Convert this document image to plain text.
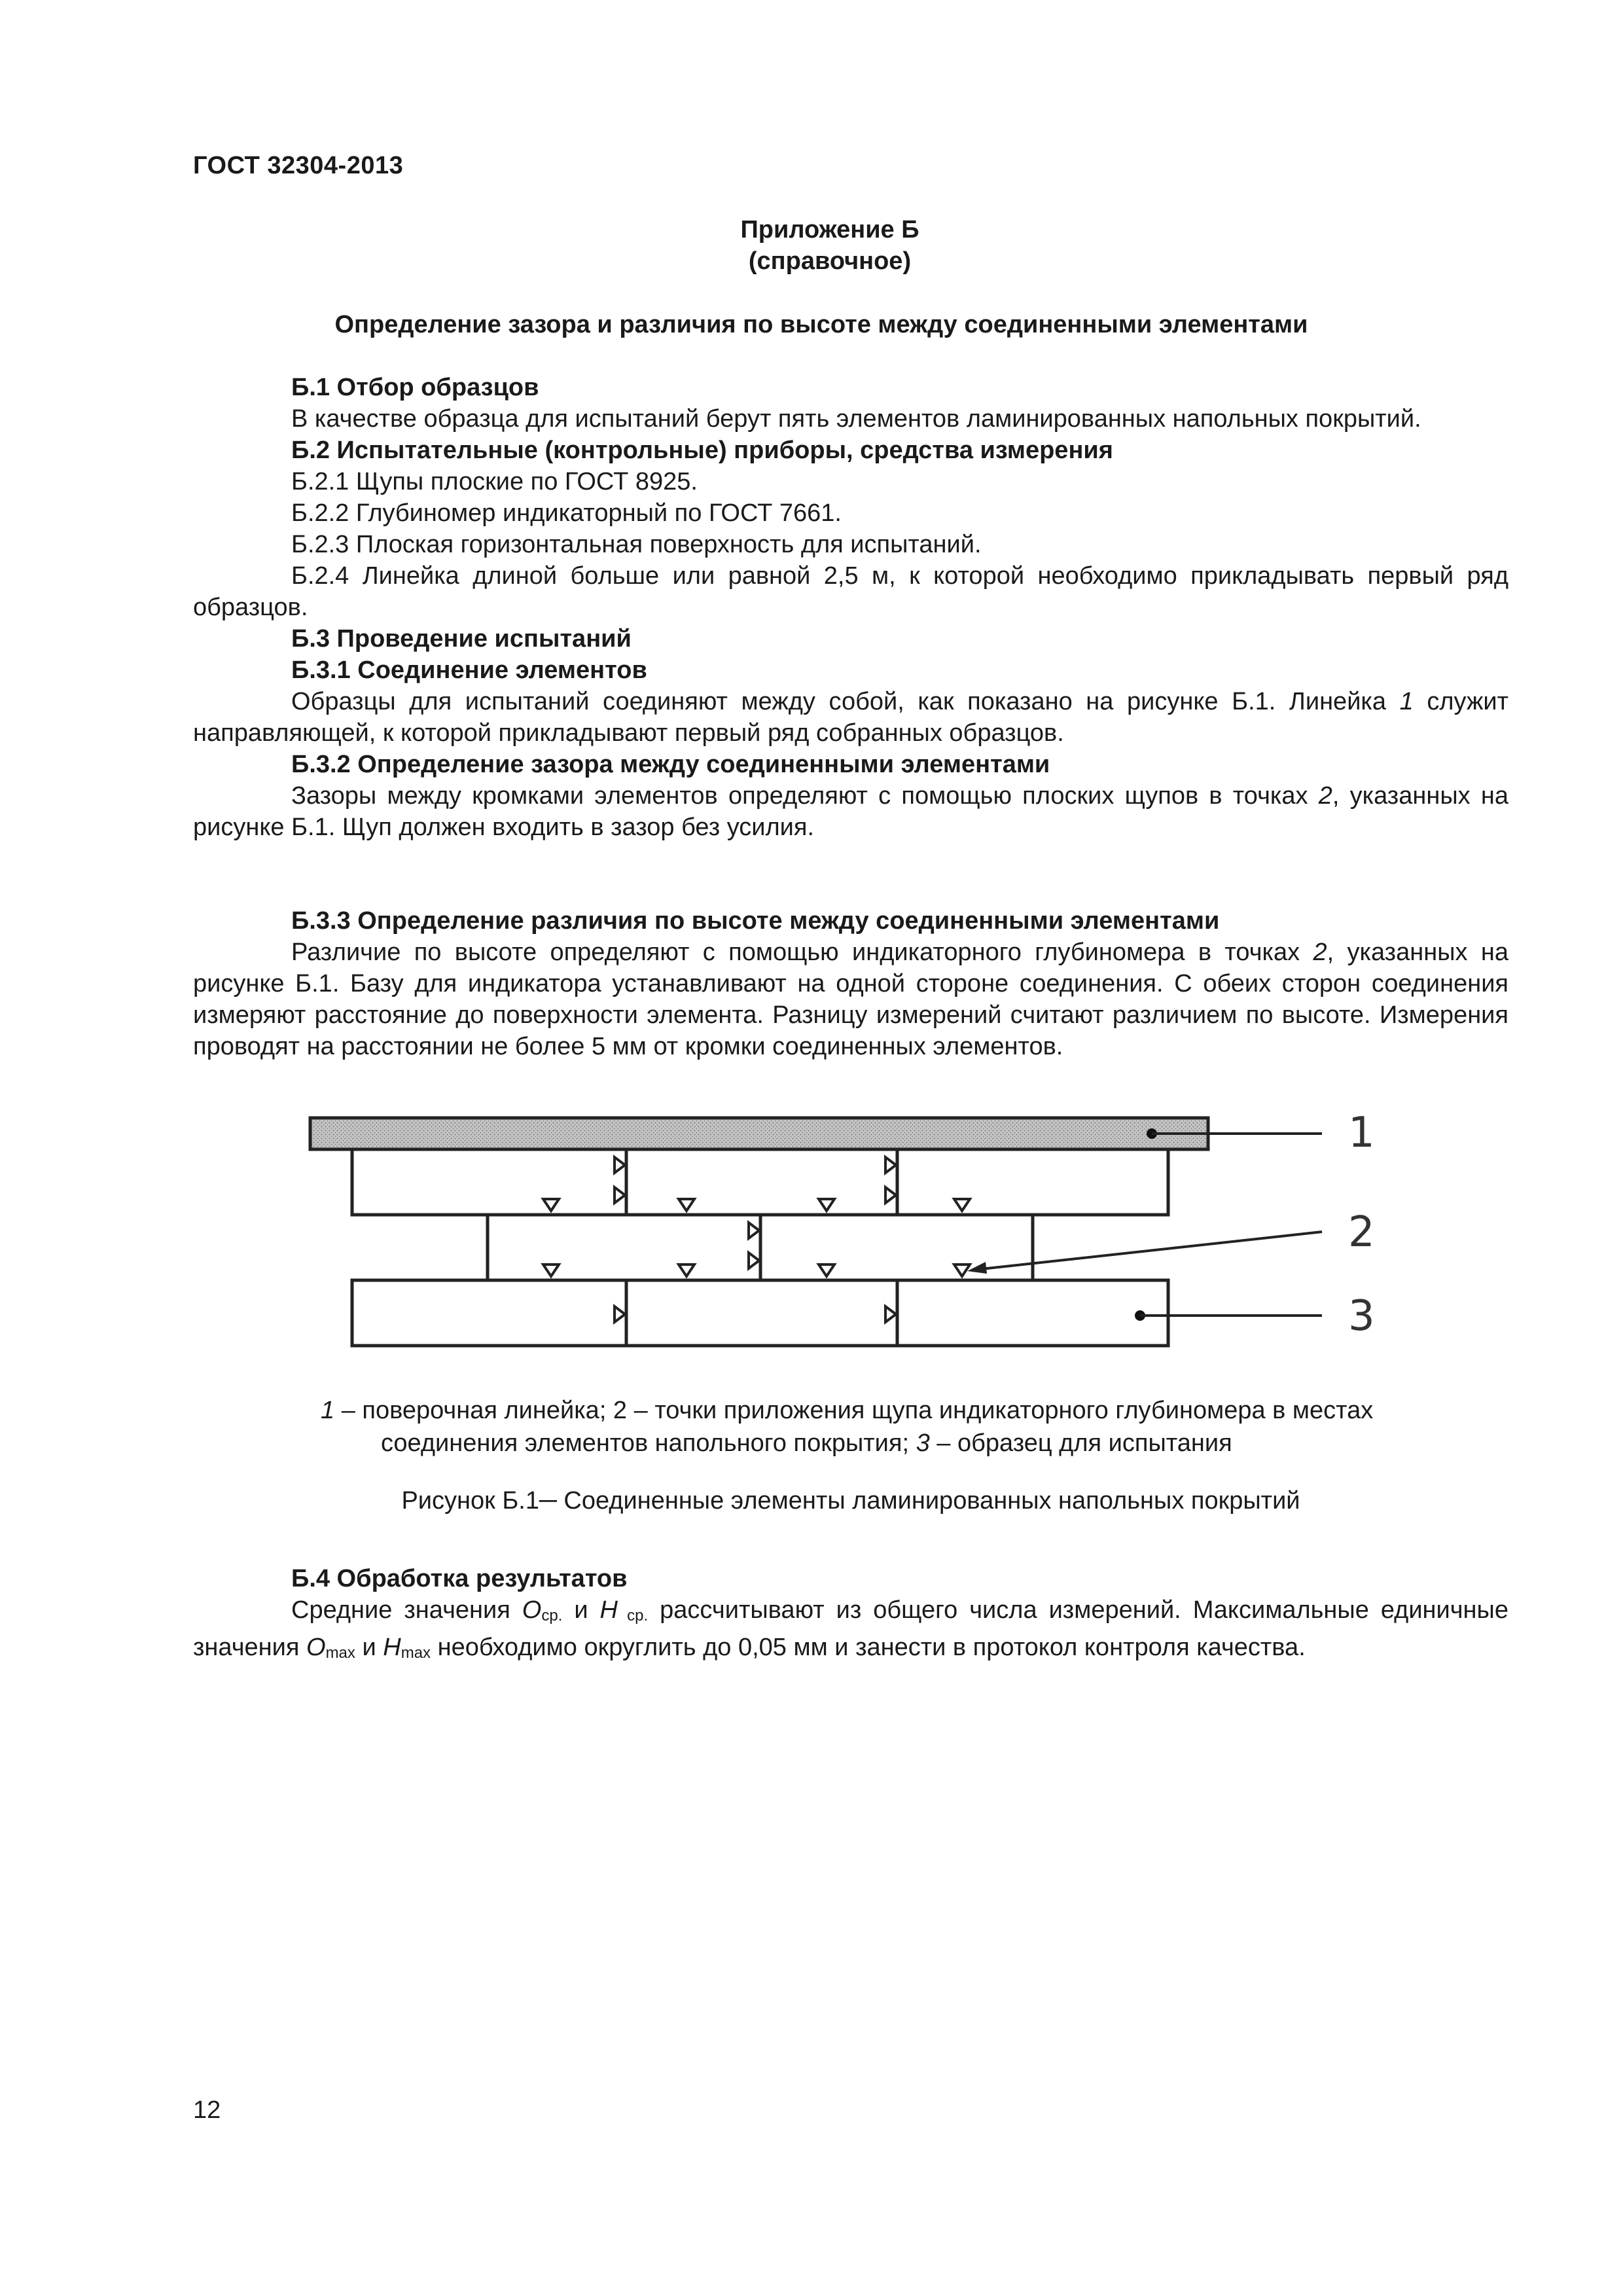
ГОСТ 32304-2013

Приложение Б

(справочное)

Определение зазора и различия по высоте между соединенными элементами

Б.1 Отбор образцов

В качестве образца для испытаний берут пять элементов ламинированных напольных покрытий.

Б.2 Испытательные (контрольные) приборы, средства измерения

Б.2.1 Щупы плоские по ГОСТ 8925.

Б.2.2 Глубиномер индикаторный по ГОСТ 7661.

Б.2.3 Плоская горизонтальная поверхность для испытаний.

Б.2.4 Линейка длиной больше или равной 2,5 м, к которой необходимо прикладывать первый ряд образцов.

Б.3 Проведение испытаний

Б.3.1 Соединение элементов

Образцы для испытаний соединяют между собой, как показано на рисунке Б.1. Линейка 1 служит направляющей, к которой прикладывают первый ряд собранных образцов.

Б.3.2 Определение зазора между соединенными элементами

Зазоры между кромками элементов определяют с помощью плоских щупов в точках 2, указанных на рисунке Б.1. Щуп должен входить в зазор без усилия.

Б.3.3 Определение различия по высоте между соединенными элементами

Различие по высоте определяют с помощью индикаторного глубиномера в точках 2, указанных на рисунке Б.1. Базу для индикатора устанавливают на одной стороне соединения. С обеих сторон соединения измеряют расстояние до поверхности элемента. Разницу измерений считают различием по высоте. Измерения проводят на расстоянии не более 5 мм от кромки соединенных элементов.

1
3
2

1 – поверочная линейка; 2 – точки приложения щупа индикаторного глубиномера в местах

соединения элементов напольного покрытия; 3 – образец для испытания

Рисунок Б.1─ Соединенные элементы ламинированных напольных покрытий

Б.4 Обработка результатов

Средние значения $O_{ср.}$ и H $_{ср.}$ рассчитывают из общего числа измерений. Максимальные единичные значения $O_{max}$ и $H_{max}$ необходимо округлить до 0,05 мм и занести в протокол контроля качества.

12
